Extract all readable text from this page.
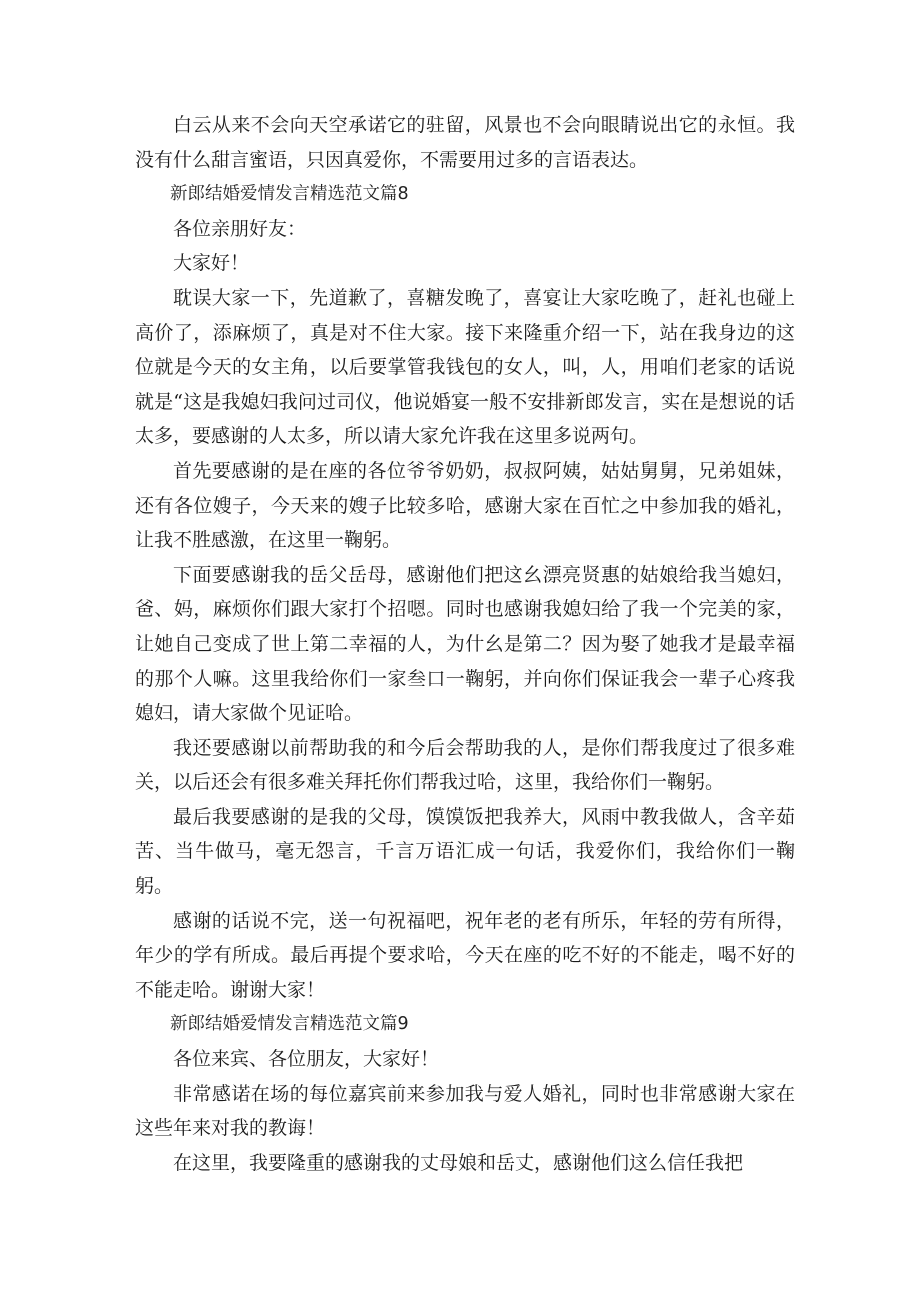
白云从来不会向天空承诺它的驻留，风景也不会向眼睛说出它的永恒。我没有什么甜言蜜语，只因真爱你，不需要用过多的言语表达。

新郎结婚爱情发言精选范文篇8

各位亲朋好友：

大家好！

耽误大家一下，先道歉了，喜糖发晚了，喜宴让大家吃晚了，赶礼也碰上高价了，添麻烦了，真是对不住大家。接下来隆重介绍一下，站在我身边的这位就是今天的女主角，以后要掌管我钱包的女人，叫，人，用咱们老家的话说就是“这是我媳妇我问过司仪，他说婚宴一般不安排新郎发言，实在是想说的话太多，要感谢的人太多，所以请大家允许我在这里多说两句。

首先要感谢的是在座的各位爷爷奶奶，叔叔阿姨，姑姑舅舅，兄弟姐妹，还有各位嫂子，今天来的嫂子比较多哈，感谢大家在百忙之中参加我的婚礼，让我不胜感激，在这里一鞠躬。

下面要感谢我的岳父岳母，感谢他们把这幺漂亮贤惠的姑娘给我当媳妇，爸、妈，麻烦你们跟大家打个招嗯。同时也感谢我媳妇给了我一个完美的家，让她自己变成了世上第二幸福的人，为什幺是第二？因为娶了她我才是最幸福的那个人嘛。这里我给你们一家叁口一鞠躬，并向你们保证我会一辈子心疼我媳妇，请大家做个见证哈。

我还要感谢以前帮助我的和今后会帮助我的人，是你们帮我度过了很多难关，以后还会有很多难关拜托你们帮我过哈，这里，我给你们一鞠躬。

最后我要感谢的是我的父母，馍馍饭把我养大，风雨中教我做人，含辛茹苦、当牛做马，毫无怨言，千言万语汇成一句话，我爱你们，我给你们一鞠躬。

感谢的话说不完，送一句祝福吧，祝年老的老有所乐，年轻的劳有所得，年少的学有所成。最后再提个要求哈，今天在座的吃不好的不能走，喝不好的不能走哈。谢谢大家！

新郎结婚爱情发言精选范文篇9

各位来宾、各位朋友，大家好！

非常感诺在场的每位嘉宾前来参加我与爱人婚礼，同时也非常感谢大家在这些年来对我的教诲！

在这里，我要隆重的感谢我的丈母娘和岳丈，感谢他们这么信任我把
